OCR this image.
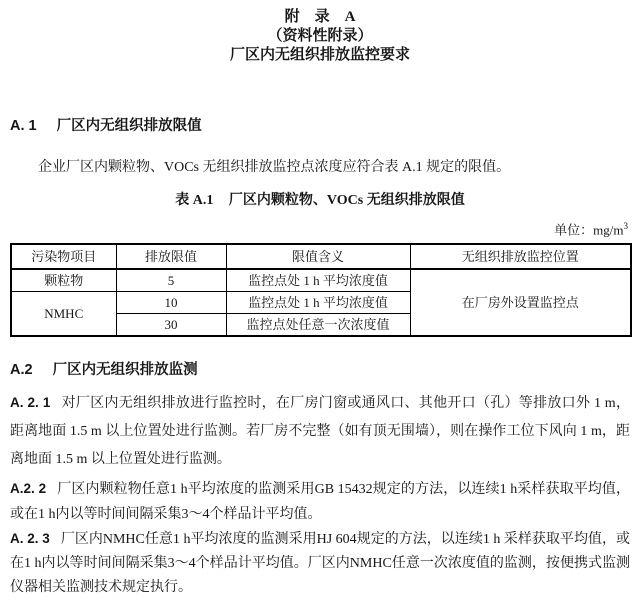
附　录　A
（资料性附录）
厂区内无组织排放监控要求
A. 1 厂区内无组织排放限值

企业厂区内颗粒物、VOCs 无组织排放监控点浓度应符合表 A.1 规定的限值。

表 A.1 厂区内颗粒物、VOCs 无组织排放限值
单位：$mg/m^3$
污染物项目	排放限值	限值含义	无组织排放监控位置
颗粒物	5	监控点处 1 h 平均浓度值	在厂房外设置监控点
NMHC	10	监控点处 1 h 平均浓度值	
	30	监控点处任意一次浓度值	
A.2 厂区内无组织排放监测

A. 2. 1 对厂区内无组织排放进行监控时，在厂房门窗或通风口、其他开口（孔）等排放口外 1 m，距离地面 1.5 m 以上位置处进行监测。若厂房不完整（如有顶无围墙），则在操作工位下风向 1 m，距离地面 1.5 m 以上位置处进行监测。

A.2. 2 厂区内颗粒物任意1 h平均浓度的监测采用GB 15432规定的方法，以连续1 h采样获取平均值，或在1 h内以等时间间隔采集3～4个样品计平均值。

A. 2. 3 厂区内NMHC任意1 h平均浓度的监测采用HJ 604规定的方法，以连续1 h 采样获取平均值，或在1 h内以等时间间隔采集3～4个样品计平均值。厂区内NMHC任意一次浓度值的监测，按便携式监测仪器相关监测技术规定执行。
